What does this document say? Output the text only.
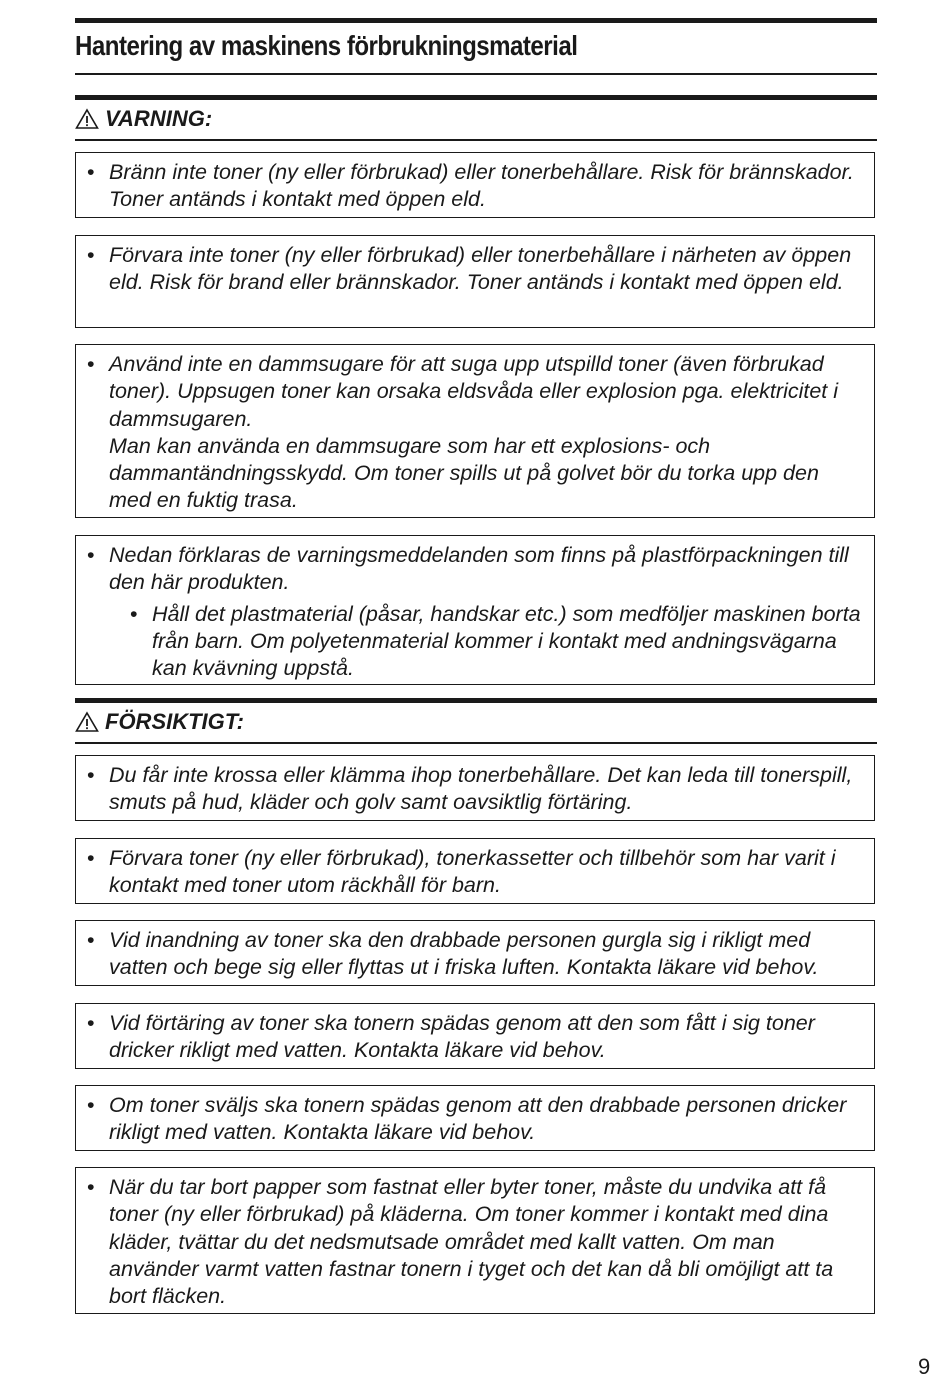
Hantering av maskinens förbrukningsmaterial
VARNING:
• Bränn inte toner (ny eller förbrukad) eller tonerbehållare. Risk för brännskador. Toner antänds i kontakt med öppen eld.
• Förvara inte toner (ny eller förbrukad) eller tonerbehållare i närheten av öppen eld. Risk för brand eller brännskador. Toner antänds i kontakt med öppen eld.
• Använd inte en dammsugare för att suga upp utspilld toner (även förbrukad toner). Uppsugen toner kan orsaka eldsvåda eller explosion pga. elektricitet i dammsugaren.
Man kan använda en dammsugare som har ett explosions- och dammantändningsskydd. Om toner spills ut på golvet bör du torka upp den med en fuktig trasa.
• Nedan förklaras de varningsmeddelanden som finns på plastförpackningen till den här produkten.
• Håll det plastmaterial (påsar, handskar etc.) som medföljer maskinen borta från barn. Om polyetenmaterial kommer i kontakt med andningsvägarna kan kvävning uppstå.
FÖRSIKTIGT:
• Du får inte krossa eller klämma ihop tonerbehållare. Det kan leda till tonerspill, smuts på hud, kläder och golv samt oavsiktlig förtäring.
• Förvara toner (ny eller förbrukad), tonerkassetter och tillbehör som har varit i kontakt med toner utom räckhåll för barn.
• Vid inandning av toner ska den drabbade personen gurgla sig i rikligt med vatten och bege sig eller flyttas ut i friska luften. Kontakta läkare vid behov.
• Vid förtäring av toner ska tonern spädas genom att den som fått i sig toner dricker rikligt med vatten. Kontakta läkare vid behov.
• Om toner sväljs ska tonern spädas genom att den drabbade personen dricker rikligt med vatten. Kontakta läkare vid behov.
• När du tar bort papper som fastnat eller byter toner, måste du undvika att få toner (ny eller förbrukad) på kläderna. Om toner kommer i kontakt med dina kläder, tvättar du det nedsmutsade området med kallt vatten. Om man använder varmt vatten fastnar tonern i tyget och det kan då bli omöjligt att ta bort fläcken.
9
